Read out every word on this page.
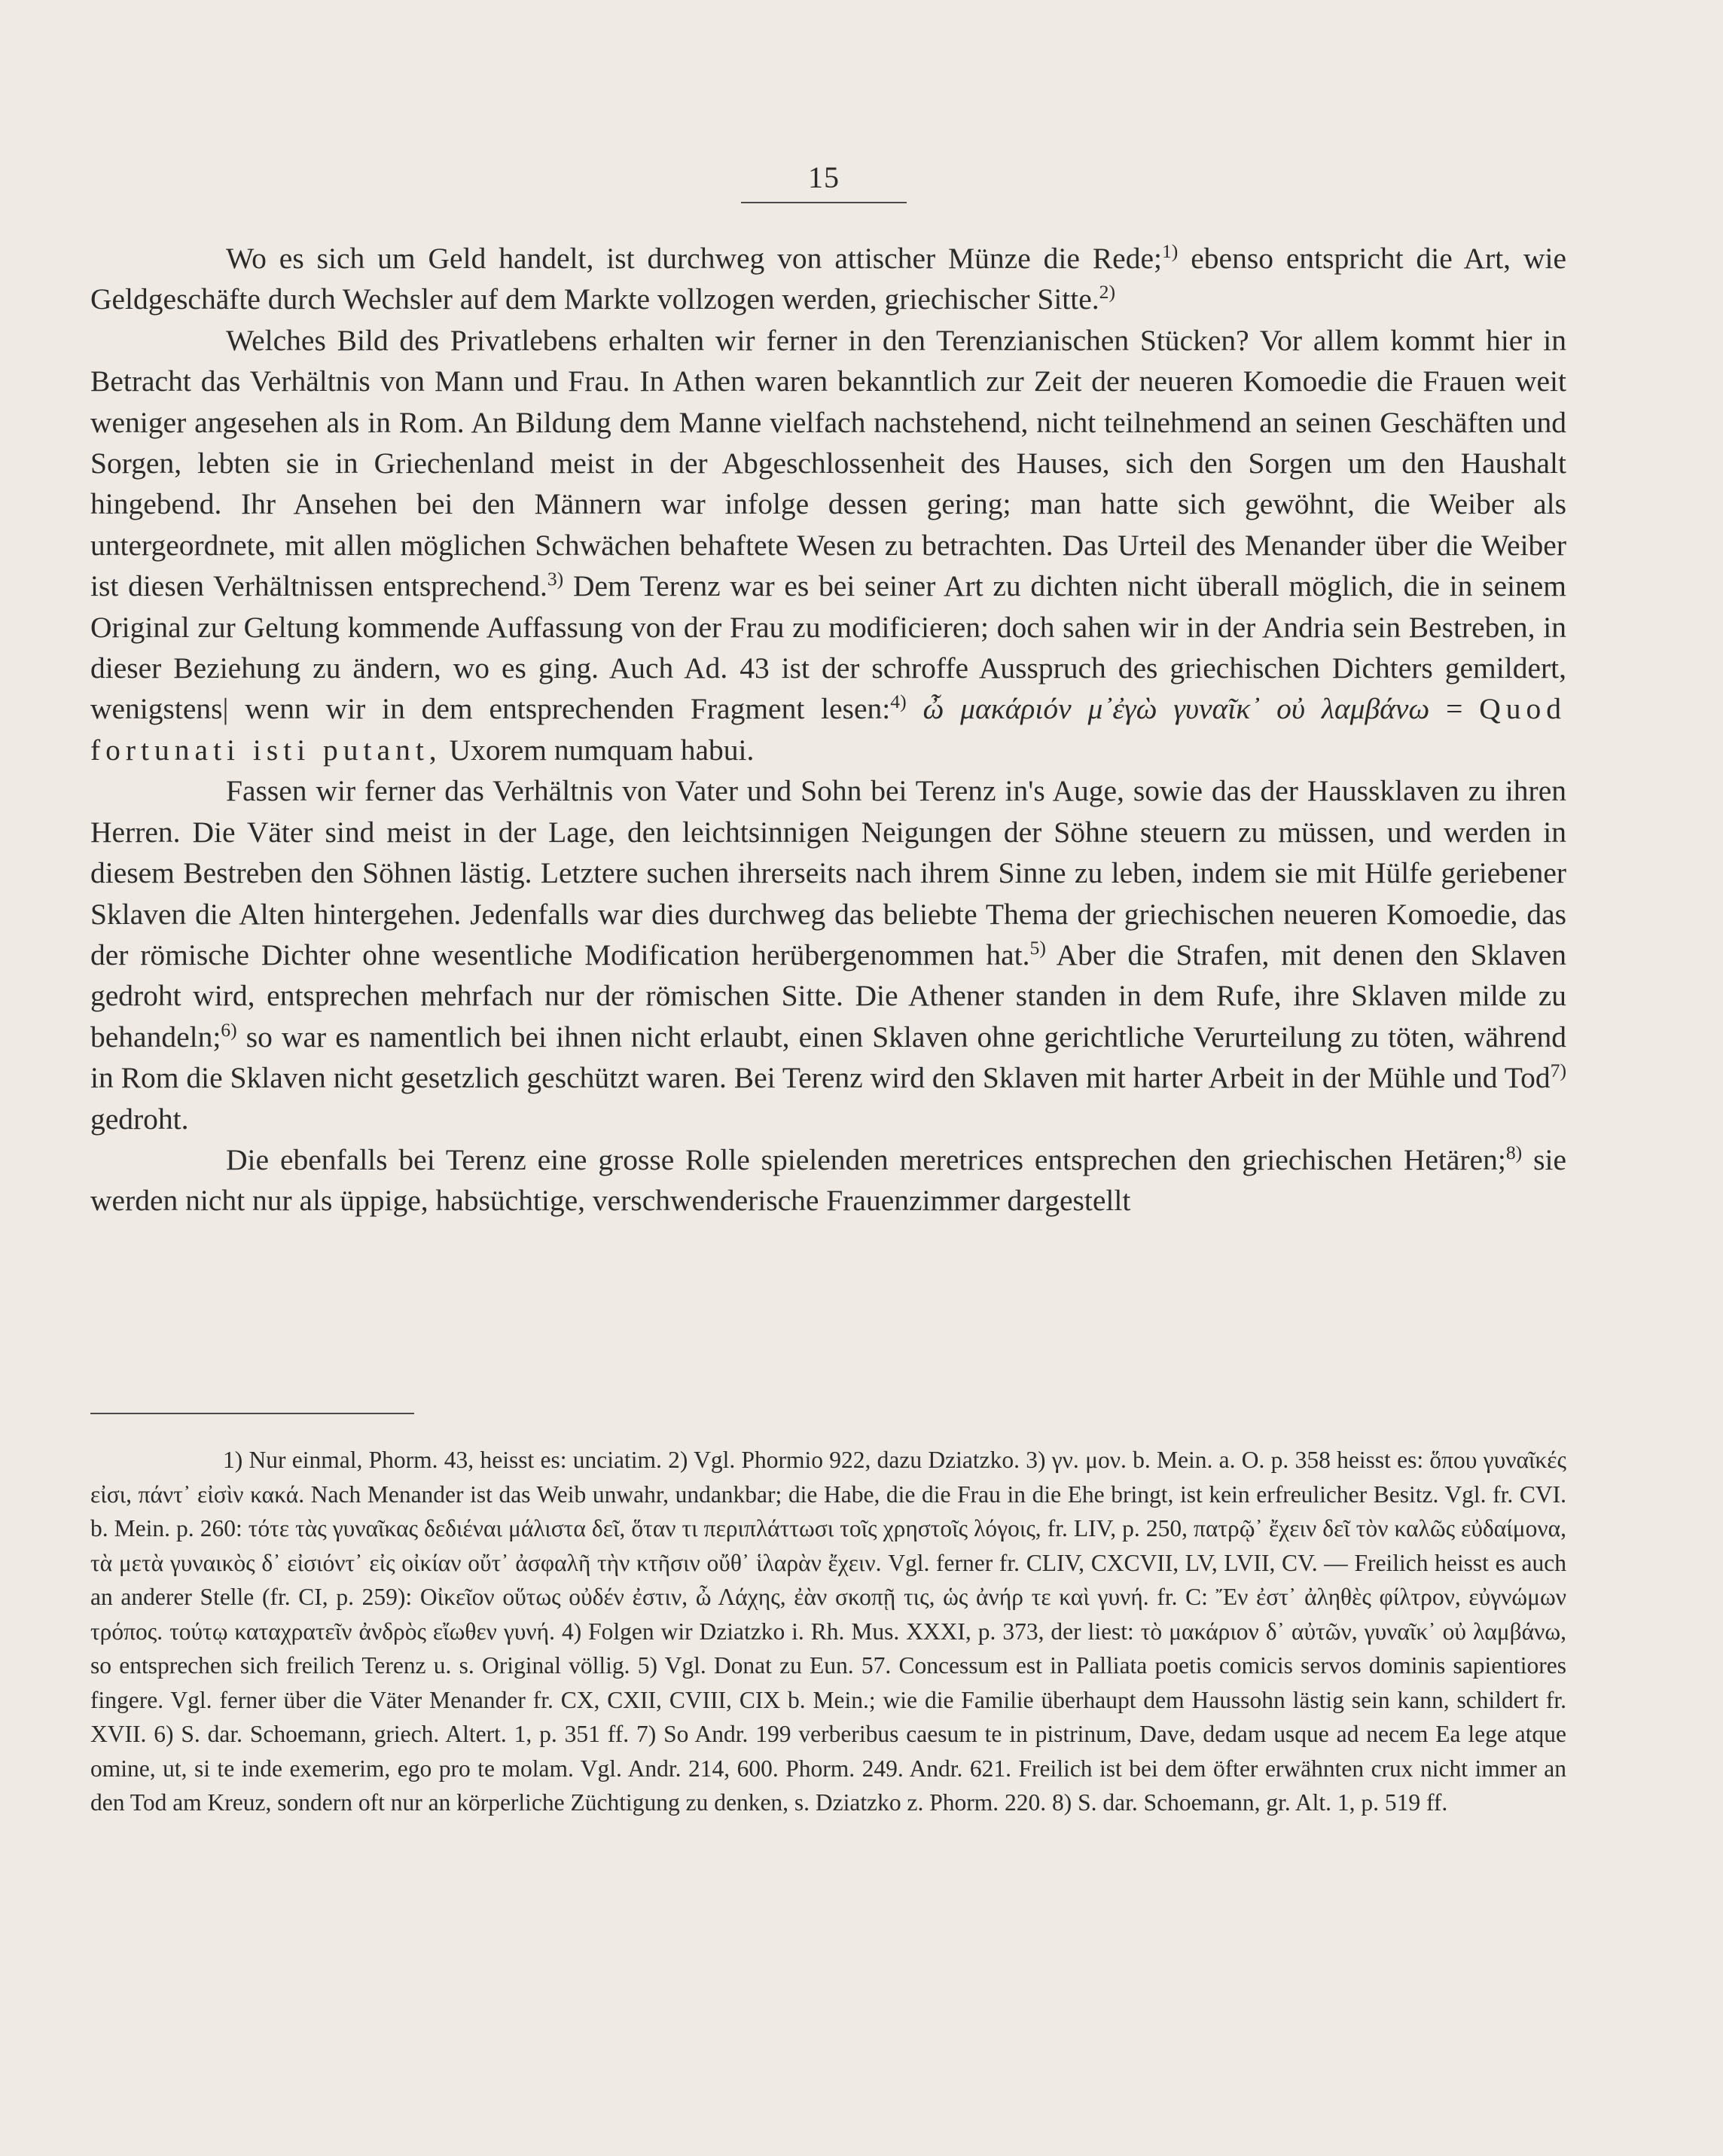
15

Wo es sich um Geld handelt, ist durchweg von attischer Münze die Rede;$^{1)}$ ebenso entspricht die Art, wie Geldgeschäfte durch Wechsler auf dem Markte vollzogen werden, griechischer Sitte.$^{2)}$

Welches Bild des Privatlebens erhalten wir ferner in den Terenzianischen Stücken? Vor allem kommt hier in Betracht das Verhältnis von Mann und Frau. In Athen waren bekanntlich zur Zeit der neueren Komoedie die Frauen weit weniger angesehen als in Rom. An Bildung dem Manne vielfach nachstehend, nicht teilnehmend an seinen Geschäften und Sorgen, lebten sie in Griechenland meist in der Abgeschlossenheit des Hauses, sich den Sorgen um den Haushalt hingebend. Ihr Ansehen bei den Männern war infolge dessen gering; man hatte sich gewöhnt, die Weiber als untergeordnete, mit allen möglichen Schwächen behaftete Wesen zu betrachten. Das Urteil des Menander über die Weiber ist diesen Verhältnissen entsprechend.$^{3)}$ Dem Terenz war es bei seiner Art zu dichten nicht überall möglich, die in seinem Original zur Geltung kommende Auffassung von der Frau zu modificieren; doch sahen wir in der Andria sein Bestreben, in dieser Beziehung zu ändern, wo es ging. Auch Ad. 43 ist der schroffe Ausspruch des griechischen Dichters gemildert, wenigstens| wenn wir in dem entsprechenden Fragment lesen:$^{4)}$ ὦ μακάριόν μ᾽ἐγὼ γυναῖκ᾽ οὐ λαμβάνω = Quod fortunati isti putant, Uxorem numquam habui.

Fassen wir ferner das Verhältnis von Vater und Sohn bei Terenz in's Auge, sowie das der Haussklaven zu ihren Herren. Die Väter sind meist in der Lage, den leichtsinnigen Neigungen der Söhne steuern zu müssen, und werden in diesem Bestreben den Söhnen lästig. Letztere suchen ihrerseits nach ihrem Sinne zu leben, indem sie mit Hülfe geriebener Sklaven die Alten hintergehen. Jedenfalls war dies durchweg das beliebte Thema der griechischen neueren Komoedie, das der römische Dichter ohne wesentliche Modification herübergenommen hat.$^{5)}$ Aber die Strafen, mit denen den Sklaven gedroht wird, entsprechen mehrfach nur der römischen Sitte. Die Athener standen in dem Rufe, ihre Sklaven milde zu behandeln;$^{6)}$ so war es namentlich bei ihnen nicht erlaubt, einen Sklaven ohne gerichtliche Verurteilung zu töten, während in Rom die Sklaven nicht gesetzlich geschützt waren. Bei Terenz wird den Sklaven mit harter Arbeit in der Mühle und Tod$^{7)}$ gedroht.

Die ebenfalls bei Terenz eine grosse Rolle spielenden meretrices entsprechen den griechischen Hetären;$^{8)}$ sie werden nicht nur als üppige, habsüchtige, verschwenderische Frauenzimmer dargestellt

1) Nur einmal, Phorm. 43, heisst es: unciatim. 2) Vgl. Phormio 922, dazu Dziatzko. 3) γν. μον. b. Mein. a. O. p. 358 heisst es: ὅπου γυναῖκές εἰσι, πάντ᾽ εἰσὶν κακά. Nach Menander ist das Weib unwahr, undankbar; die Habe, die die Frau in die Ehe bringt, ist kein erfreulicher Besitz. Vgl. fr. CVI. b. Mein. p. 260: τότε τὰς γυναῖκας δεδιέναι μάλιστα δεῖ, ὅταν τι περιπλάττωσι τοῖς χρηστοῖς λόγοις, fr. LIV, p. 250, πατρῷ᾽ ἔχειν δεῖ τὸν καλῶς εὐδαίμονα, τὰ μετὰ γυναικὸς δ᾽ εἰσιόντ᾽ εἰς οἰκίαν οὔτ᾽ ἀσφαλῆ τὴν κτῆσιν οὔθ᾽ ἱλαρὰν ἔχειν. Vgl. ferner fr. CLIV, CXCVII, LV, LVII, CV. — Freilich heisst es auch an anderer Stelle (fr. CI, p. 259): Οἰκεῖον οὕτως οὐδέν ἐστιν, ὦ Λάχης, ἐὰν σκοπῇ τις, ὡς ἀνήρ τε καὶ γυνή. fr. C: Ἔν ἐστ᾽ ἀληθὲς φίλτρον, εὐγνώμων τρόπος. τούτῳ καταχρατεῖν ἀνδρὸς εἴωθεν γυνή. 4) Folgen wir Dziatzko i. Rh. Mus. XXXI, p. 373, der liest: τὸ μακάριον δ᾽ αὐτῶν, γυναῖκ᾽ οὐ λαμβάνω, so entsprechen sich freilich Terenz u. s. Original völlig. 5) Vgl. Donat zu Eun. 57. Concessum est in Palliata poetis comicis servos dominis sapientiores fingere. Vgl. ferner über die Väter Menander fr. CX, CXII, CVIII, CIX b. Mein.; wie die Familie überhaupt dem Haussohn lästig sein kann, schildert fr. XVII. 6) S. dar. Schoemann, griech. Altert. 1, p. 351 ff. 7) So Andr. 199 verberibus caesum te in pistrinum, Dave, dedam usque ad necem Ea lege atque omine, ut, si te inde exemerim, ego pro te molam. Vgl. Andr. 214, 600. Phorm. 249. Andr. 621. Freilich ist bei dem öfter erwähnten crux nicht immer an den Tod am Kreuz, sondern oft nur an körperliche Züchtigung zu denken, s. Dziatzko z. Phorm. 220. 8) S. dar. Schoemann, gr. Alt. 1, p. 519 ff.
